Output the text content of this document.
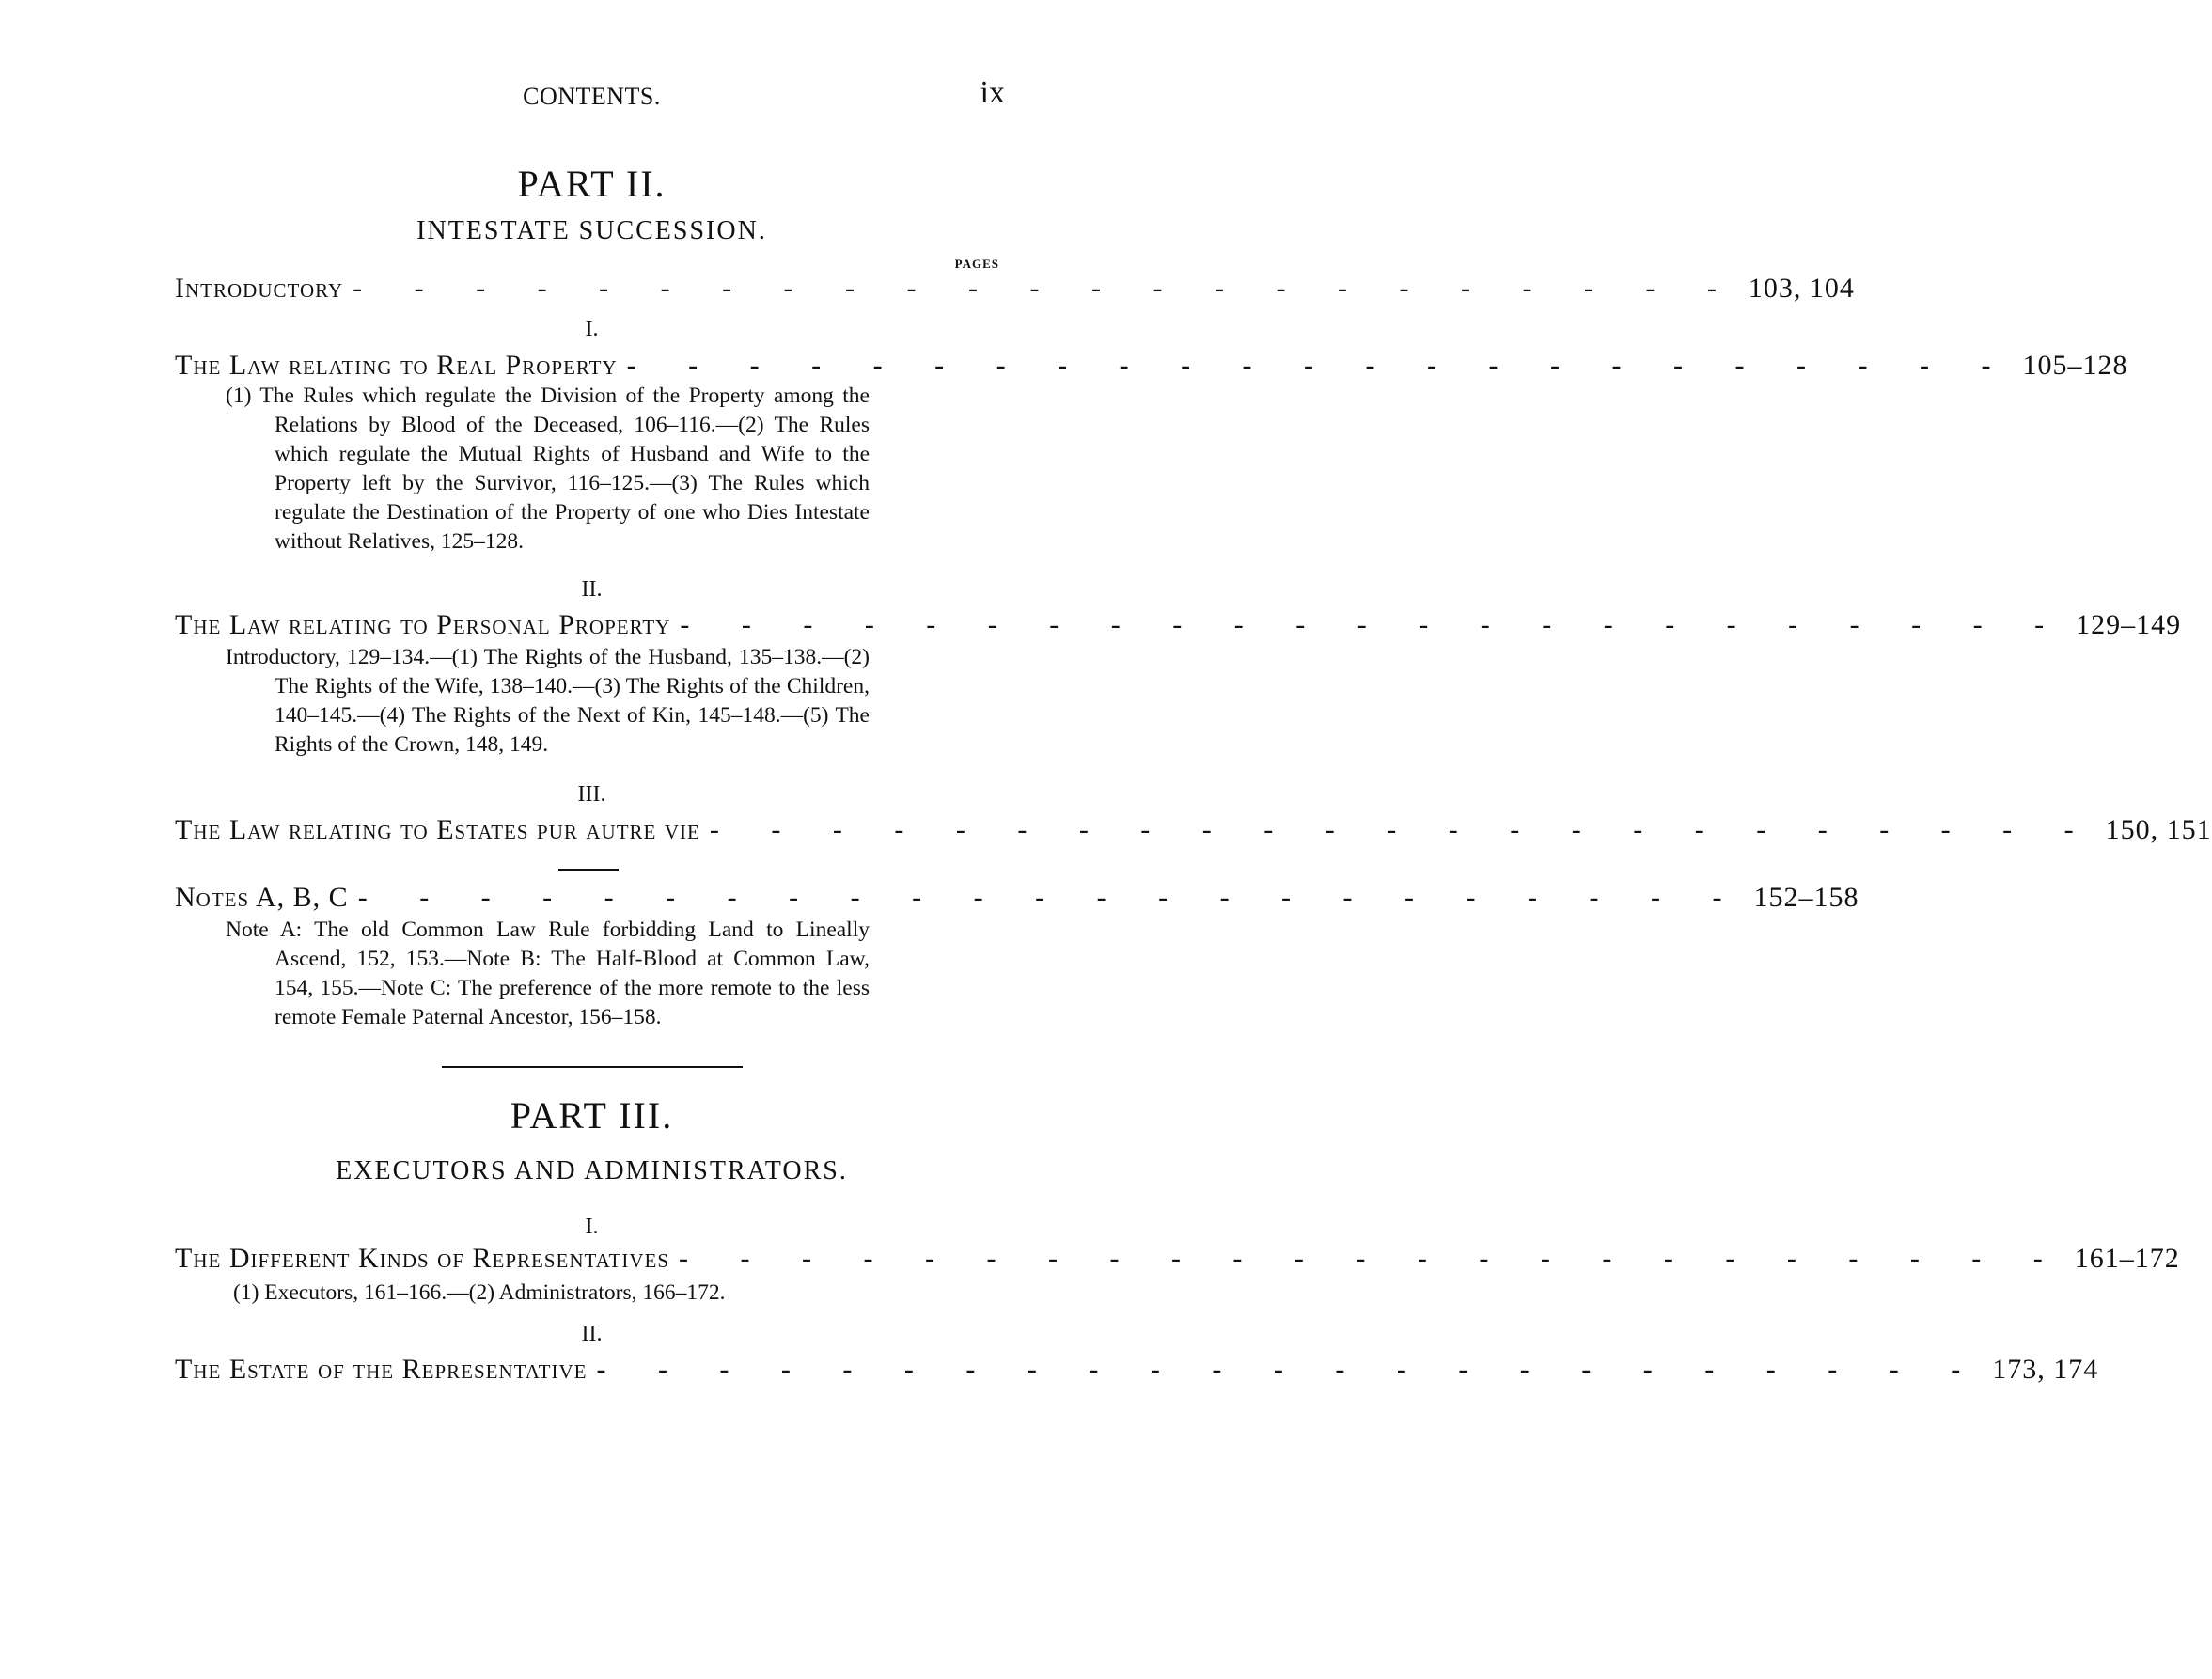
CONTENTS.	ix
PART II.
INTESTATE SUCCESSION.
PAGES
Introductory - - - - - - - - - - - - - - - - - - - - - - - 103, 104
I.
The Law relating to Real Property - - - - - - - - - - - - - - - - - - - - - - - 105–128
(1) The Rules which regulate the Division of the Property among the Relations by Blood of the Deceased, 106–116.—(2) The Rules which regulate the Mutual Rights of Husband and Wife to the Property left by the Survivor, 116–125.—(3) The Rules which regulate the Destination of the Property of one who Dies Intestate without Relatives, 125–128.
II.
The Law relating to Personal Property - - - - - - - - - - - - - - - - - - - - - - - 129–149
Introductory, 129–134.—(1) The Rights of the Husband, 135–138.—(2) The Rights of the Wife, 138–140.—(3) The Rights of the Children, 140–145.—(4) The Rights of the Next of Kin, 145–148.—(5) The Rights of the Crown, 148, 149.
III.
The Law relating to Estates pur autre vie - - - - - - - - - - - - - - - - - - - - - - - 150, 151
Notes A, B, C - - - - - - - - - - - - - - - - - - - - - - - 152–158
Note A: The old Common Law Rule forbidding Land to Lineally Ascend, 152, 153.—Note B: The Half-Blood at Common Law, 154, 155.—Note C: The preference of the more remote to the less remote Female Paternal Ancestor, 156–158.
PART III.
EXECUTORS AND ADMINISTRATORS.
I.
The Different Kinds of Representatives - - - - - - - - - - - - - - - - - - - - - - - 161–172
(1) Executors, 161–166.—(2) Administrators, 166–172.
II.
The Estate of the Representative - - - - - - - - - - - - - - - - - - - - - - - 173, 174
